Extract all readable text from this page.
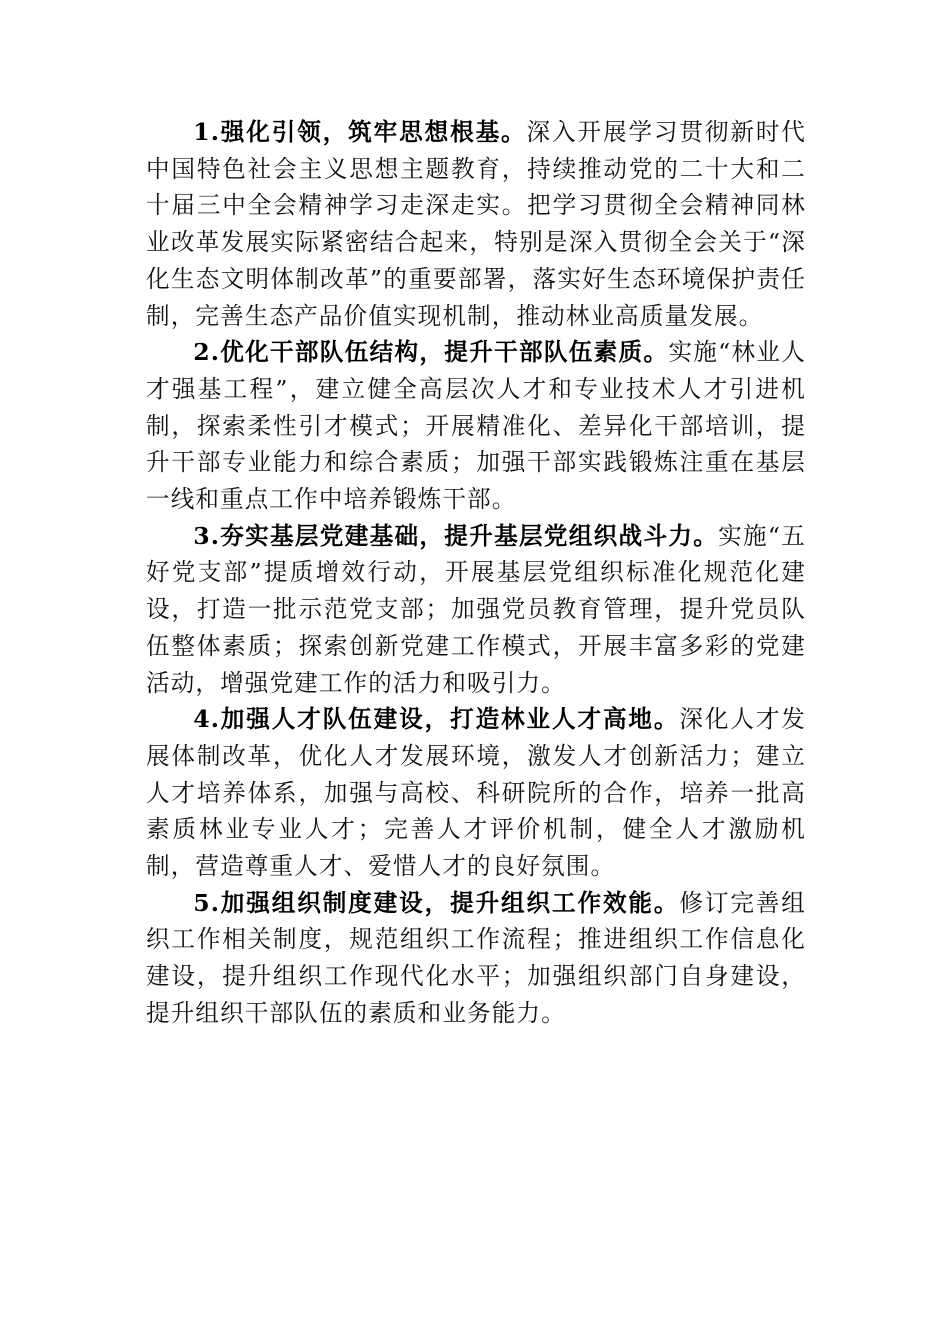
1.强化引领，筑牢思想根基。深入开展学习贯彻新时代中国特色社会主义思想主题教育，持续推动党的二十大和二十届三中全会精神学习走深走实。把学习贯彻全会精神同林业改革发展实际紧密结合起来，特别是深入贯彻全会关于“深化生态文明体制改革”的重要部署，落实好生态环境保护责任制，完善生态产品价值实现机制，推动林业高质量发展。

2.优化干部队伍结构，提升干部队伍素质。实施“林业人才强基工程”，建立健全高层次人才和专业技术人才引进机制，探索柔性引才模式；开展精准化、差异化干部培训，提升干部专业能力和综合素质；加强干部实践锻炼注重在基层一线和重点工作中培养锻炼干部。

3.夯实基层党建基础，提升基层党组织战斗力。实施“五好党支部”提质增效行动，开展基层党组织标准化规范化建设，打造一批示范党支部；加强党员教育管理，提升党员队伍整体素质；探索创新党建工作模式，开展丰富多彩的党建活动，增强党建工作的活力和吸引力。

4.加强人才队伍建设，打造林业人才高地。深化人才发展体制改革，优化人才发展环境，激发人才创新活力；建立人才培养体系，加强与高校、科研院所的合作，培养一批高素质林业专业人才；完善人才评价机制，健全人才激励机制，营造尊重人才、爱惜人才的良好氛围。

5.加强组织制度建设，提升组织工作效能。修订完善组织工作相关制度，规范组织工作流程；推进组织工作信息化建设，提升组织工作现代化水平；加强组织部门自身建设，提升组织干部队伍的素质和业务能力。
